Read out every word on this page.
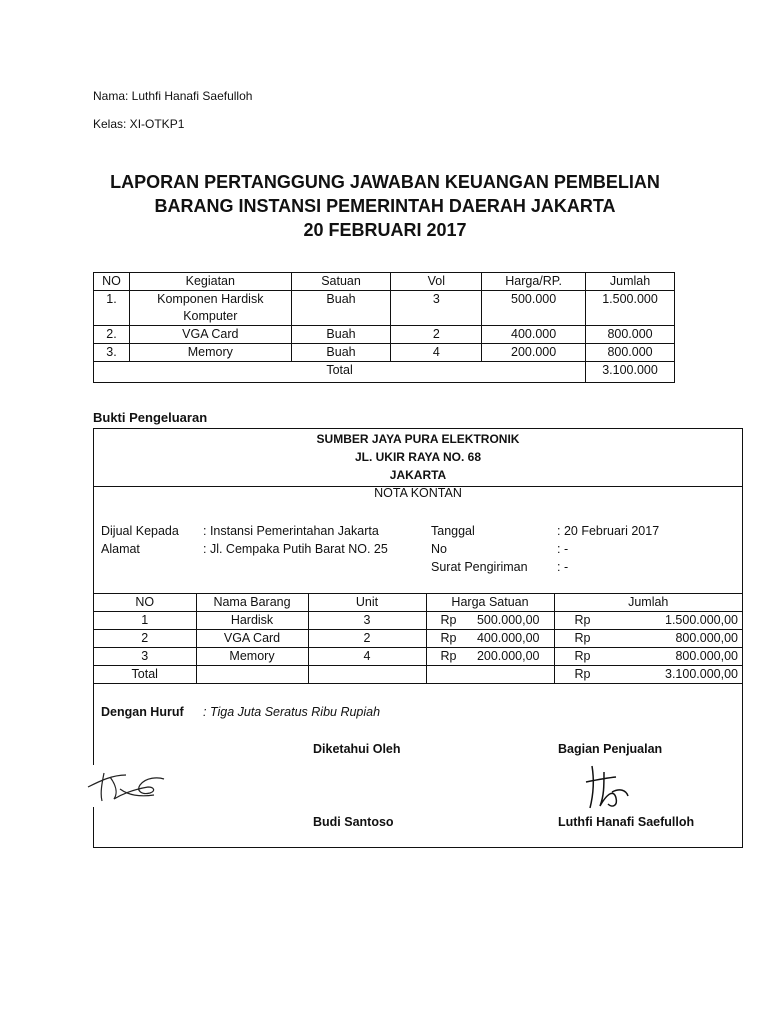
Nama: Luthfi Hanafi Saefulloh
Kelas: XI-OTKP1
LAPORAN PERTANGGUNG JAWABAN KEUANGAN PEMBELIAN
BARANG INSTANSI PEMERINTAH DAERAH JAKARTA
20 FEBRUARI 2017
NO	Kegiatan	Satuan	Vol	Harga/RP.	Jumlah
1.	Komponen Hardisk
Komputer	Buah	3	500.000	1.500.000
2.	VGA Card	Buah	2	400.000	800.000
3.	Memory	Buah	4	200.000	800.000
Total					3.100.000
Bukti Pengeluaran
SUMBER JAYA PURA ELEKTRONIK
JL. UKIR RAYA NO. 68
JAKARTA
NOTA KONTAN
Dijual Kepada : Instansi Pemerintahan Jakarta
Alamat	: Jl. Cempaka Putih Barat NO. 25
Tanggal	: 20 Februari 2017
No	: -
Surat Pengiriman : -
NO	Nama Barang	Unit	Harga Satuan	Jumlah
1	Hardisk	3	Rp 500.000,00	Rp 1.500.000,00

2	VGA Card	2	Rp 400.000,00	Rp 800.000,00

3	Memory	4	Rp 200.000,00	Rp 800.000,00

Total				Rp 3.100.000,00
Dengan Huruf : Tiga Juta Seratus Ribu Rupiah
Diketahui Oleh	Bagian Penjualan
Budi Santoso	Luthfi Hanafi Saefulloh
